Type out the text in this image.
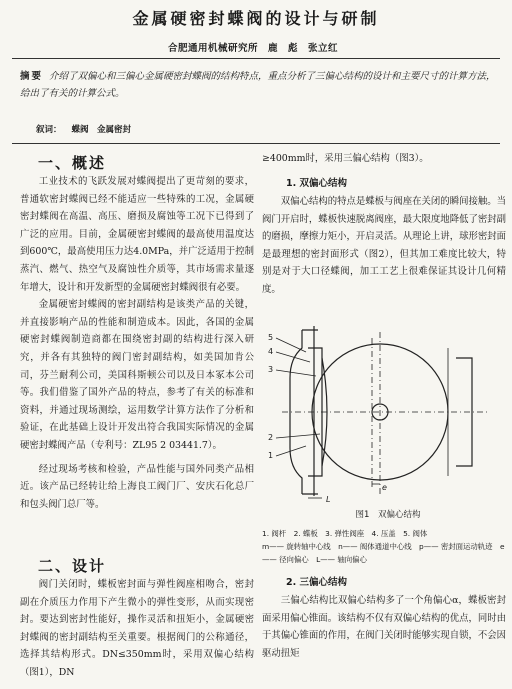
金属硬密封蝶阀的设计与研制
合肥通用机械研究所　鹿　彪　张立红
摘要 介绍了双偏心和三偏心金属硬密封蝶阀的结构特点，重点分析了三偏心结构的设计和主要尺寸的计算方法，给出了有关的计算公式。
叙词： 蝶阀　金属密封
一、概述

工业技术的飞跃发展对蝶阀提出了更苛刻的要求，普通软密封蝶阀已经不能适应一些特殊的工况，金属硬密封蝶阀在高温、高压、磨损及腐蚀等工况下已得到了广泛的应用。目前，金属硬密封蝶阀的最高使用温度达到600℃，最高使用压力达4.0MPa，并广泛适用于控制蒸汽、燃气、热空气及腐蚀性介质等，其市场需求量逐年增大，设计和开发新型的金属硬密封蝶阀很有必要。

金属硬密封蝶阀的密封副结构是该类产品的关键，并直接影响产品的性能和制造成本。因此，各国的金属硬密封蝶阀制造商都在围绕密封副的结构进行深入研究，并各有其独特的阀门密封副结构，如美国加肯公司，芬兰耐利公司，美国科斯顿公司以及日本冢本公司等。我们借鉴了国外产品的特点，参考了有关的标准和资料，并通过现场测绘，运用数学计算方法作了分析和验证，在此基础上设计开发出符合我国实际情况的金属硬密封蝶阀产品（专利号：ZL95 2 03441.7）。

经过现场考核和检验，产品性能与国外同类产品相近。该产品已经转让给上海良工阀门厂、安庆石化总厂和包头阀门总厂等。

二、设计

阀门关闭时，蝶板密封面与弹性阀座相吻合，密封副在介质压力作用下产生微小的弹性变形，从而实现密封。要达到密封性能好，操作灵活和扭矩小，金属硬密封蝶阀的密封副结构至关重要。根据阀门的公称通径，选择其结构形式。DN≤350mm时，采用双偏心结构（图1），DN

≥400mm时，采用三偏心结构（图3）。

1. 双偏心结构

双偏心结构的特点是蝶板与阀座在关闭的瞬间接触。当阀门开启时，蝶板快速脱离阀座，最大限度地降低了密封副的磨损，摩擦力矩小，开启灵活。从理论上讲，球形密封面是最理想的密封面形式（图2），但其加工难度比较大，特别是对于大口径蝶阀，加工工艺上很难保证其设计几何精度。

5
4
3
2
1
e
L
图1　双偏心结构
1. 阀杆　2. 蝶板　3. 弹性阀座　4. 压盖　5. 阀体
m—— 旋转轴中心线　n—— 阀体通道中心线　p—— 密封面运动轨迹　e—— 径向偏心　L—— 轴向偏心
2. 三偏心结构

三偏心结构比双偏心结构多了一个角偏心α，蝶板密封面采用偏心锥面。该结构不仅有双偏心结构的优点，同时由于其偏心锥面的作用，在阀门关闭时能够实现自锁，不会因驱动扭矩
